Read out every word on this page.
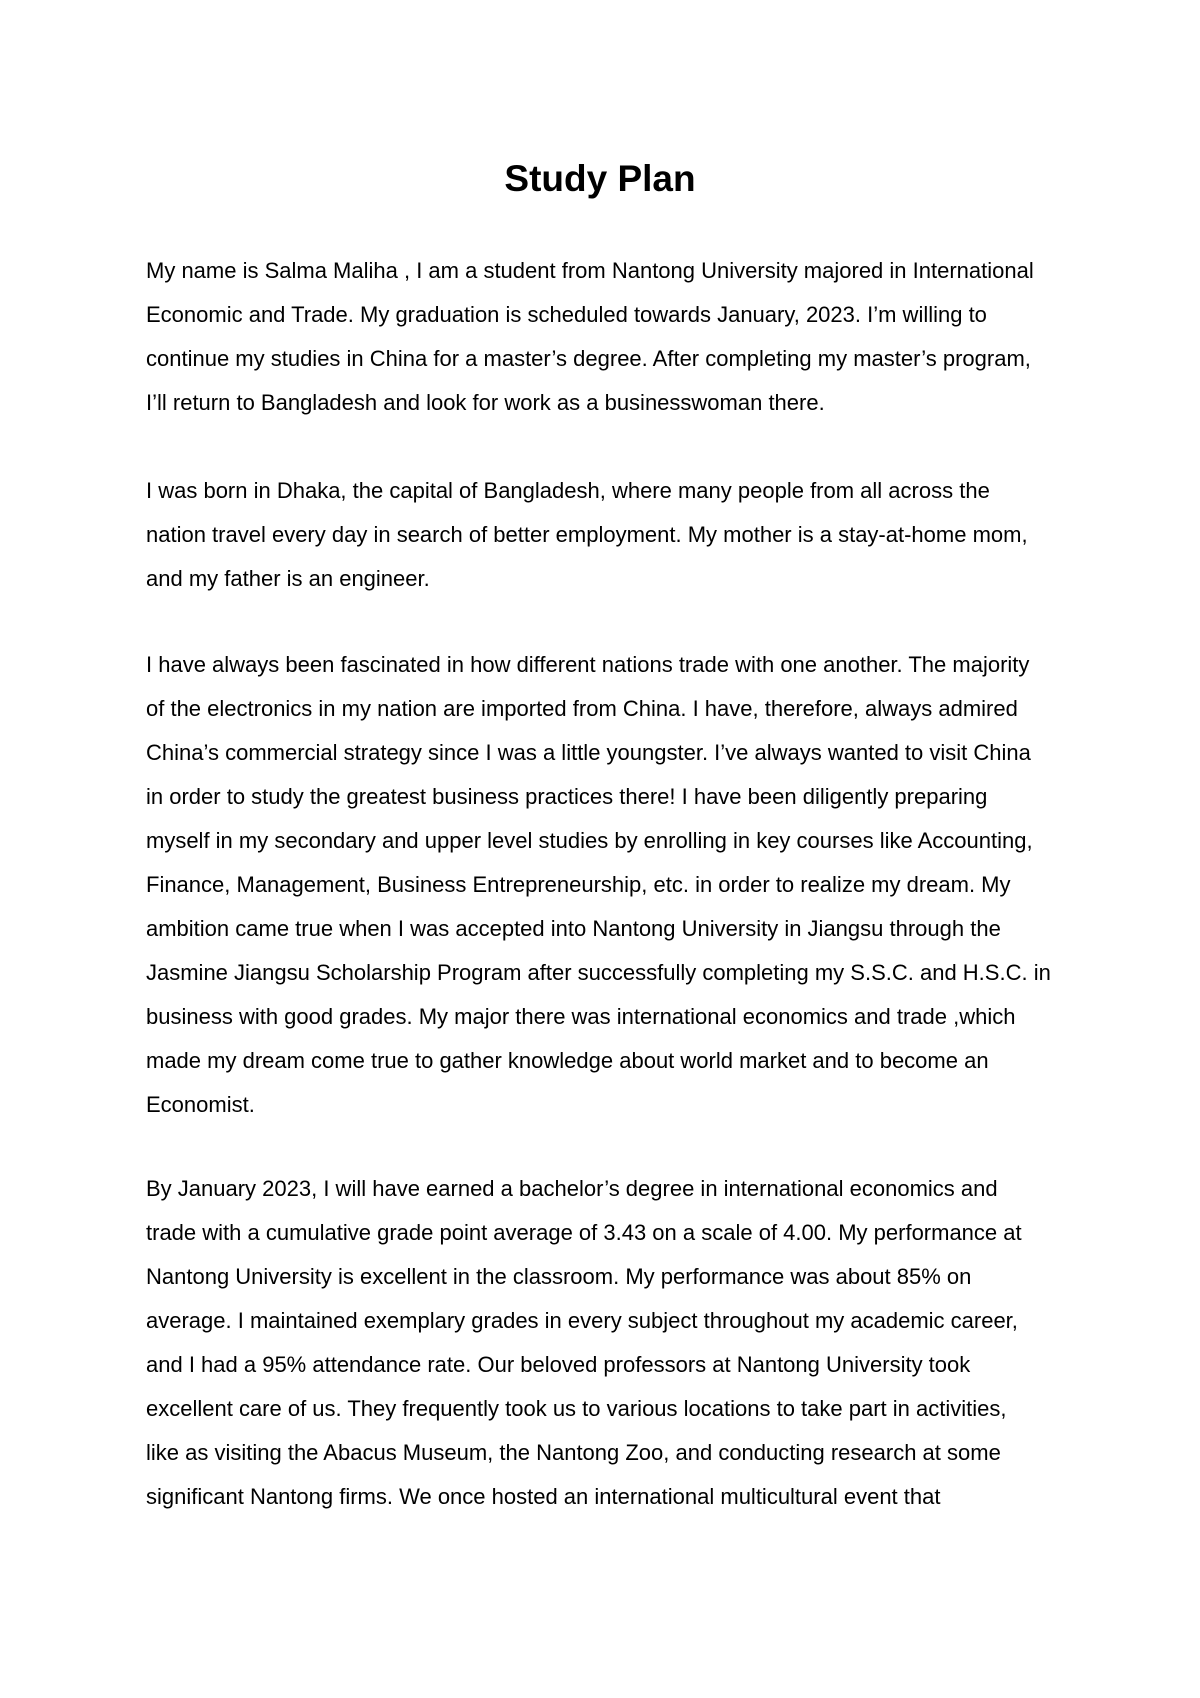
Study Plan

My name is Salma Maliha , I am a student from Nantong University majored in International
Economic and Trade. My graduation is scheduled towards January, 2023. I’m willing to
continue my studies in China for a master’s degree. After completing my master’s program,
I’ll return to Bangladesh and look for work as a businesswoman there.

I was born in Dhaka, the capital of Bangladesh, where many people from all across the
nation travel every day in search of better employment. My mother is a stay-at-home mom,
and my father is an engineer.

I have always been fascinated in how different nations trade with one another. The majority
of the electronics in my nation are imported from China. I have, therefore, always admired
China’s commercial strategy since I was a little youngster. I’ve always wanted to visit China
in order to study the greatest business practices there! I have been diligently preparing
myself in my secondary and upper level studies by enrolling in key courses like Accounting,
Finance, Management, Business Entrepreneurship, etc. in order to realize my dream. My
ambition came true when I was accepted into Nantong University in Jiangsu through the
Jasmine Jiangsu Scholarship Program after successfully completing my S.S.C. and H.S.C. in
business with good grades. My major there was international economics and trade ,which
made my dream come true to gather knowledge about world market and to become an
Economist.

By January 2023, I will have earned a bachelor’s degree in international economics and
trade with a cumulative grade point average of 3.43 on a scale of 4.00. My performance at
Nantong University is excellent in the classroom. My performance was about 85% on
average. I maintained exemplary grades in every subject throughout my academic career,
and I had a 95% attendance rate. Our beloved professors at Nantong University took
excellent care of us. They frequently took us to various locations to take part in activities,
like as visiting the Abacus Museum, the Nantong Zoo, and conducting research at some
significant Nantong firms. We once hosted an international multicultural event that
